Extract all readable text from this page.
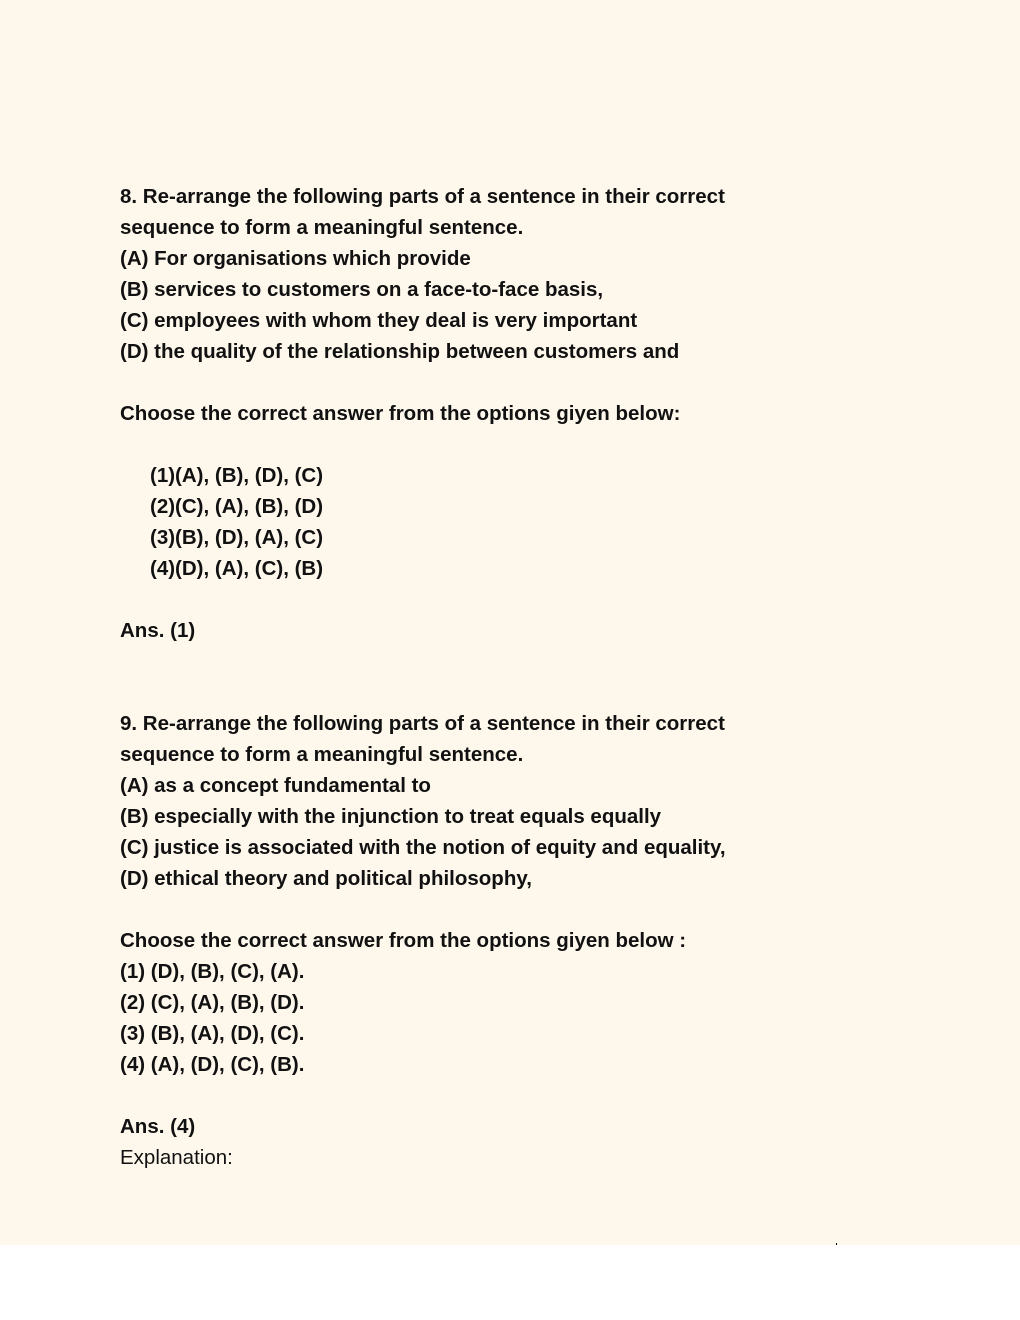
8. Re-arrange the following parts of a sentence in their correct
sequence to form a meaningful sentence.
(A) For organisations which provide
(B) services to customers on a face-to-face basis,
(C) employees with whom they deal is very important
(D) the quality of the relationship between customers and
Choose the correct answer from the options giyen below:
(1)(A), (B), (D), (C)
(2)(C), (A), (B), (D)
(3)(B), (D), (A), (C)
(4)(D), (A), (C), (B)
Ans. (1)
9. Re-arrange the following parts of a sentence in their correct
sequence to form a meaningful sentence.
(A) as a concept fundamental to
(B) especially with the injunction to treat equals equally
(C) justice is associated with the notion of equity and equality,
(D) ethical theory and political philosophy,
Choose the correct answer from the options giyen below :
(1) (D), (B), (C), (A).
(2) (C), (A), (B), (D).
(3) (B), (A), (D), (C).
(4) (A), (D), (C), (B).
Ans. (4)
Explanation:
